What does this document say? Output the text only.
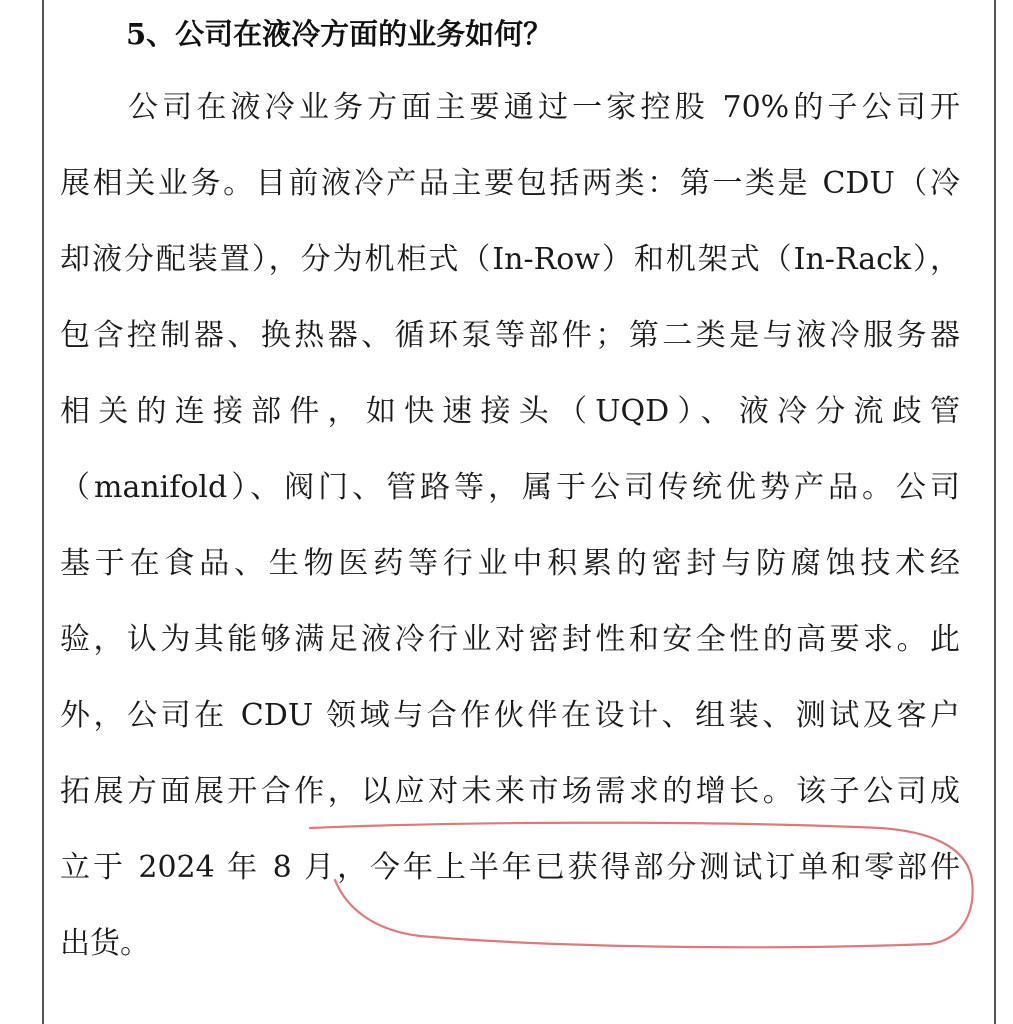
5、公司在液冷方面的业务如何？
公司在液冷业务方面主要通过一家控股 70%的子公司开
展相关业务。目前液冷产品主要包括两类：第一类是 CDU（冷
却液分配装置），分为机柜式（In-Row）和机架式（In-Rack），
包含控制器、换热器、循环泵等部件；第二类是与液冷服务器
相关的连接部件，如快速接头（UQD）、液冷分流歧管
（manifold）、阀门、管路等，属于公司传统优势产品。公司
基于在食品、生物医药等行业中积累的密封与防腐蚀技术经
验，认为其能够满足液冷行业对密封性和安全性的高要求。此
外，公司在 CDU 领域与合作伙伴在设计、组装、测试及客户
拓展方面展开合作，以应对未来市场需求的增长。该子公司成
立于 2024 年 8 月，今年上半年已获得部分测试订单和零部件
出货。
